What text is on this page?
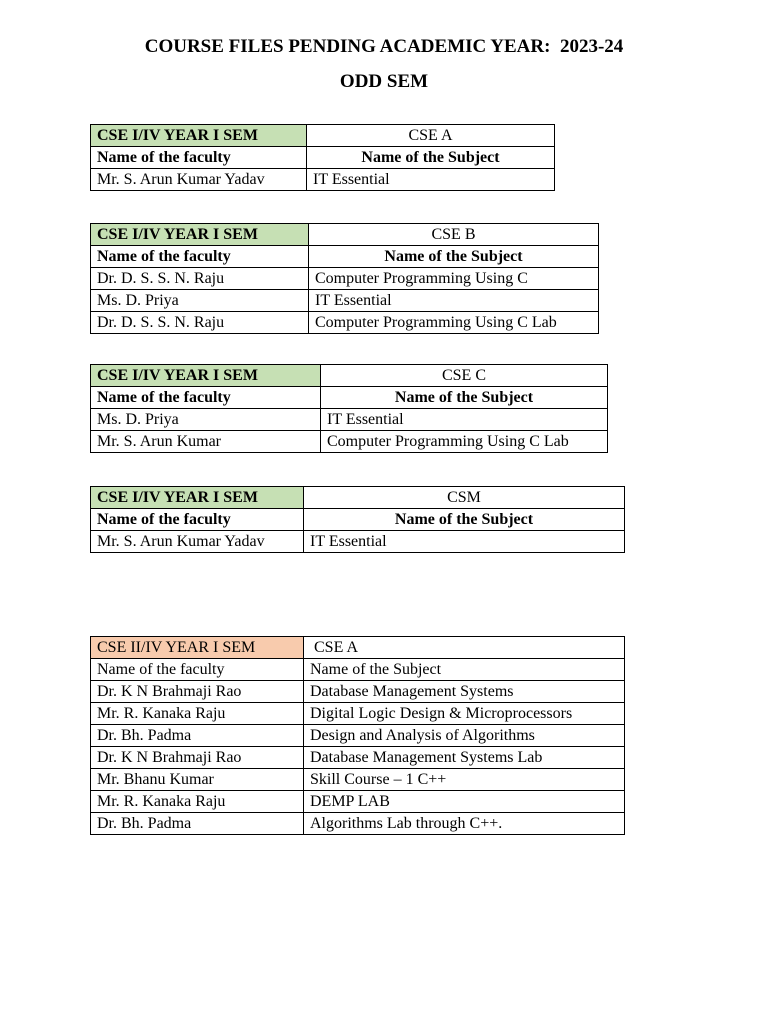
COURSE FILES PENDING ACADEMIC YEAR:  2023-24
ODD SEM
CSE I/IV YEAR I SEM	CSE A
Name of the faculty	Name of the Subject
Mr. S. Arun Kumar Yadav	IT Essential
CSE I/IV YEAR I SEM	CSE B
Name of the faculty	Name of the Subject
Dr. D. S. S. N. Raju	Computer Programming Using C
Ms. D. Priya	IT Essential
Dr. D. S. S. N. Raju	Computer Programming Using C Lab
CSE I/IV YEAR I SEM	CSE C
Name of the faculty	Name of the Subject
Ms. D. Priya	IT Essential
Mr. S. Arun Kumar	Computer Programming Using C Lab
CSE I/IV YEAR I SEM	CSM
Name of the faculty	Name of the Subject
Mr. S. Arun Kumar Yadav	IT Essential
CSE II/IV YEAR I SEM	CSE A
Name of the faculty	Name of the Subject
Dr. K N Brahmaji Rao	Database Management Systems
Mr. R. Kanaka Raju	Digital Logic Design & Microprocessors
Dr. Bh. Padma	Design and Analysis of Algorithms
Dr. K N Brahmaji Rao	Database Management Systems Lab
Mr. Bhanu Kumar	Skill Course – 1 C++
Mr. R. Kanaka Raju	DEMP LAB
Dr. Bh. Padma	Algorithms Lab through C++.
